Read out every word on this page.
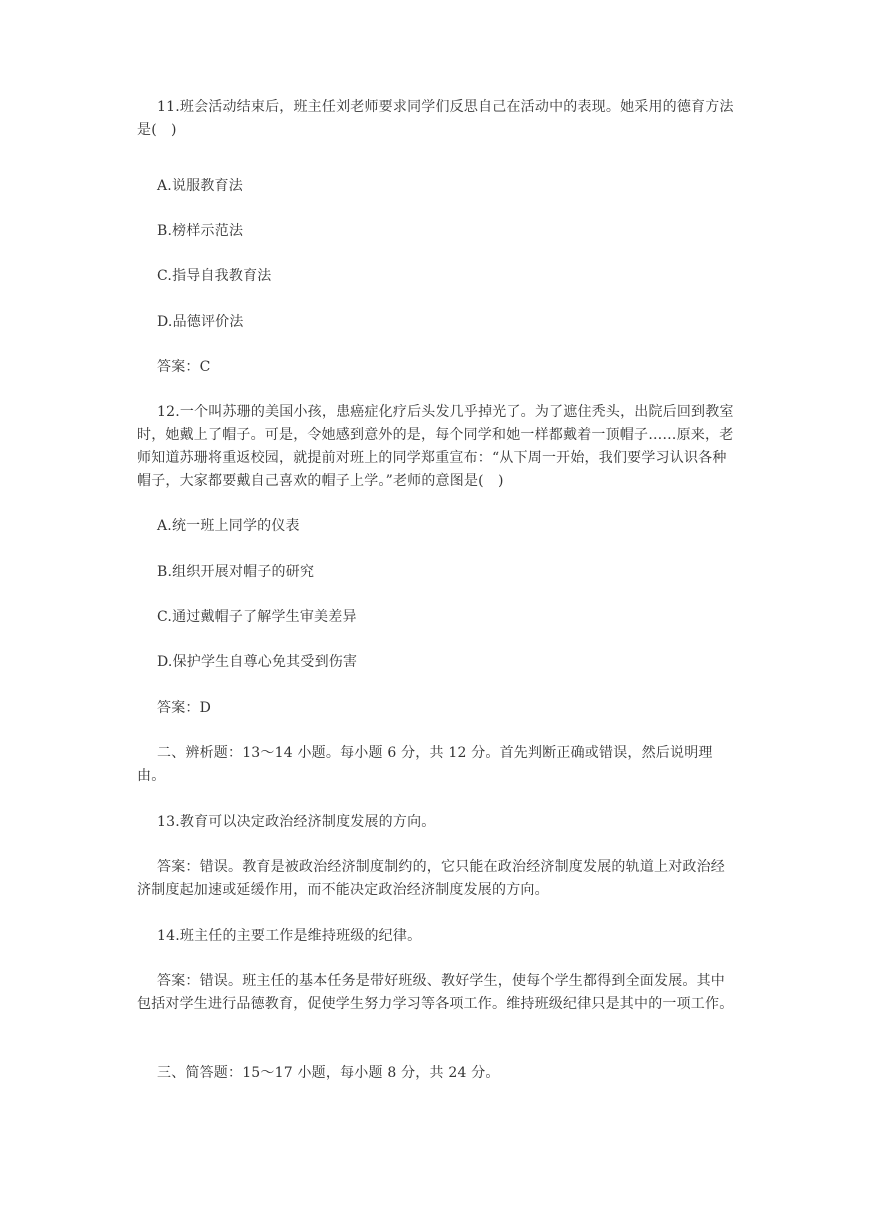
11.班会活动结束后，班主任刘老师要求同学们反思自己在活动中的表现。她采用的德育方法是(　)

A.说服教育法

B.榜样示范法

C.指导自我教育法

D.品德评价法

答案：C

12.一个叫苏珊的美国小孩，患癌症化疗后头发几乎掉光了。为了遮住秃头，出院后回到教室时，她戴上了帽子。可是，令她感到意外的是，每个同学和她一样都戴着一顶帽子……原来，老师知道苏珊将重返校园，就提前对班上的同学郑重宣布：“从下周一开始，我们要学习认识各种帽子，大家都要戴自己喜欢的帽子上学。”老师的意图是(　)

A.统一班上同学的仪表

B.组织开展对帽子的研究

C.通过戴帽子了解学生审美差异

D.保护学生自尊心免其受到伤害

答案：D

二、辨析题：13～14 小题。每小题 6 分，共 12 分。首先判断正确或错误，然后说明理由。

13.教育可以决定政治经济制度发展的方向。

答案：错误。教育是被政治经济制度制约的，它只能在政治经济制度发展的轨道上对政治经济制度起加速或延缓作用，而不能决定政治经济制度发展的方向。

14.班主任的主要工作是维持班级的纪律。

答案：错误。班主任的基本任务是带好班级、教好学生，使每个学生都得到全面发展。其中包括对学生进行品德教育，促使学生努力学习等各项工作。维持班级纪律只是其中的一项工作。

三、简答题：15～17 小题，每小题 8 分，共 24 分。
